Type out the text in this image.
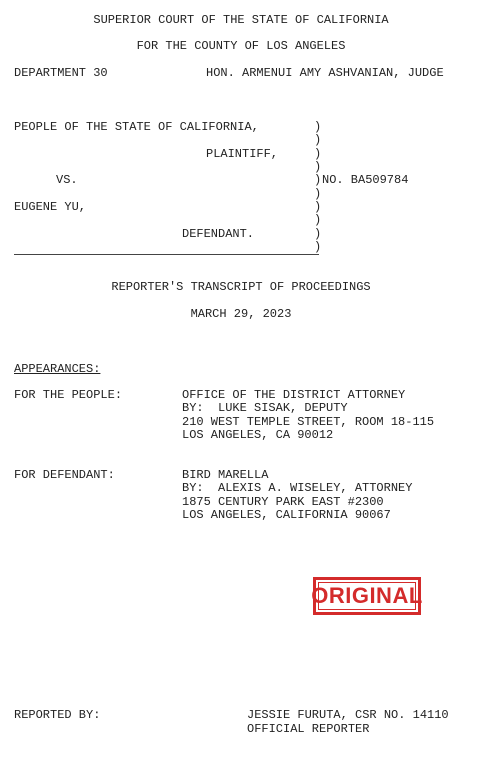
SUPERIOR COURT OF THE STATE OF CALIFORNIA
FOR THE COUNTY OF LOS ANGELES
DEPARTMENT 30	HON. ARMENUI AMY ASHVANIAN, JUDGE
PEOPLE OF THE STATE OF CALIFORNIA,
PLAINTIFF,
VS.
EUGENE YU,
DEFENDANT.
)
)
)
)
) NO. BA509784
)
)
)
)
)
REPORTER'S TRANSCRIPT OF PROCEEDINGS
MARCH 29, 2023
APPEARANCES:
FOR THE PEOPLE:	OFFICE OF THE DISTRICT ATTORNEY
BY:  LUKE SISAK, DEPUTY
210 WEST TEMPLE STREET, ROOM 18-115
LOS ANGELES, CA 90012
FOR DEFENDANT:	BIRD MARELLA
BY:  ALEXIS A. WISELEY, ATTORNEY
1875 CENTURY PARK EAST #2300
LOS ANGELES, CALIFORNIA 90067
ORIGINAL
REPORTED BY:	JESSIE FURUTA, CSR NO. 14110
OFFICIAL REPORTER
